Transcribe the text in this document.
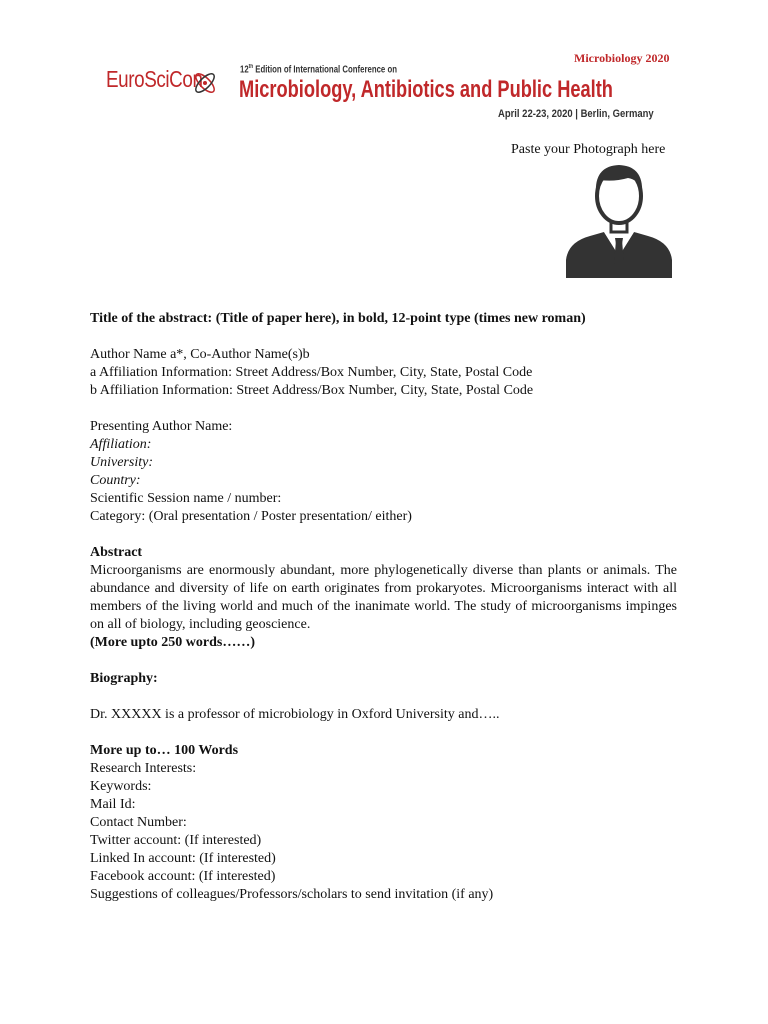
EuroSciCon	12th Edition of International Conference on
Microbiology, Antibiotics and Public Health
Microbiology 2020
April 22-23, 2020 | Berlin, Germany
Paste your Photograph here

Title of the abstract: (Title of paper here), in bold, 12-point type (times new roman)

Author Name a*, Co-Author Name(s)b

a Affiliation Information: Street Address/Box Number, City, State, Postal Code

b Affiliation Information: Street Address/Box Number, City, State, Postal Code

Presenting Author Name:

Affiliation:

University:

Country:

Scientific Session name / number:

Category: (Oral presentation / Poster presentation/ either)

Abstract

Microorganisms are enormously abundant, more phylogenetically diverse than plants or animals. The abundance and diversity of life on earth originates from prokaryotes. Microorganisms interact with all members of the living world and much of the inanimate world. The study of microorganisms impinges on all of biology, including geoscience.

(More upto 250 words……)

Biography:

Dr. XXXXX is a professor of microbiology in Oxford University and…..

More up to… 100 Words

Research Interests:

Keywords:

Mail Id:

Contact Number:

Twitter account: (If interested)

Linked In account: (If interested)

Facebook account: (If interested)

Suggestions of colleagues/Professors/scholars to send invitation (if any)
